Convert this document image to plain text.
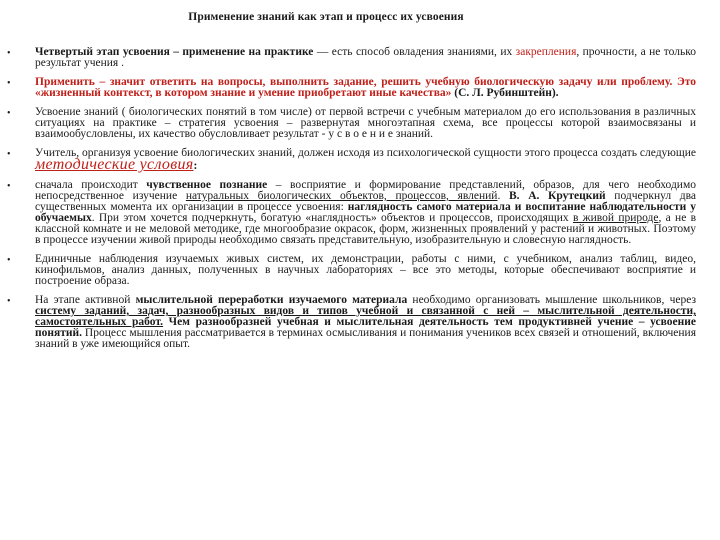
Применение знаний как этап и процесс их усвоения
• Четвертый этап усвоения – применение на практике — есть способ овладения знаниями, их закрепления, прочности, а не только результат учения .
• Применить – значит ответить на вопросы, выполнить задание, решить учебную биологическую задачу или проблему. Это «жизненный контекст, в котором знание и умение приобретают иные качества» (С. Л. Рубинштейн).
• Усвоение знаний ( биологических понятий в том числе) от первой встречи с учебным материалом до его использования в различных ситуациях на практике – стратегия усвоения – развернутая многоэтапная схема, все процессы которой взаимосвязаны и взаимообусловлены, их качество обусловливает результат - у с в о е н и е знаний.
• Учитель, организуя усвоение биологических знаний, должен исходя из психологической сущности этого процесса создать следующие методические условия:
• сначала происходит чувственное познание – восприятие и формирование представлений, образов, для чего необходимо непосредственное изучение натуральных биологических объектов, процессов, явлений. В. А. Крутецкий подчеркнул два существенных момента их организации в процессе усвоения: наглядность самого материала и воспитание наблюдательности у обучаемых. При этом хочется подчеркнуть, богатую «наглядность» объектов и процессов, происходящих в живой природе, а не в классной комнате и не меловой методике, где многообразие окрасок, форм, жизненных проявлений у растений и животных. Поэтому в процессе изучении живой природы необходимо связать представительную, изобразительную и словесную наглядность.
• Единичные наблюдения изучаемых живых систем, их демонстрации, работы с ними, с учебником, анализ таблиц, видео, кинофильмов, анализ данных, полученных в научных лабораториях – все это методы, которые обеспечивают восприятие и построение образа.
• На этапе активной мыслительной переработки изучаемого материала необходимо организовать мышление школьников, через систему заданий, задач, разнообразных видов и типов учебной и связанной с ней – мыслительной деятельности, самостоятельных работ. Чем разнообразней учебная и мыслительная деятельность тем продуктивней учение – усвоение понятий. Процесс мышления рассматривается в терминах осмысливания и понимания учеников всех связей и отношений, включения знаний в уже имеющийся опыт.
